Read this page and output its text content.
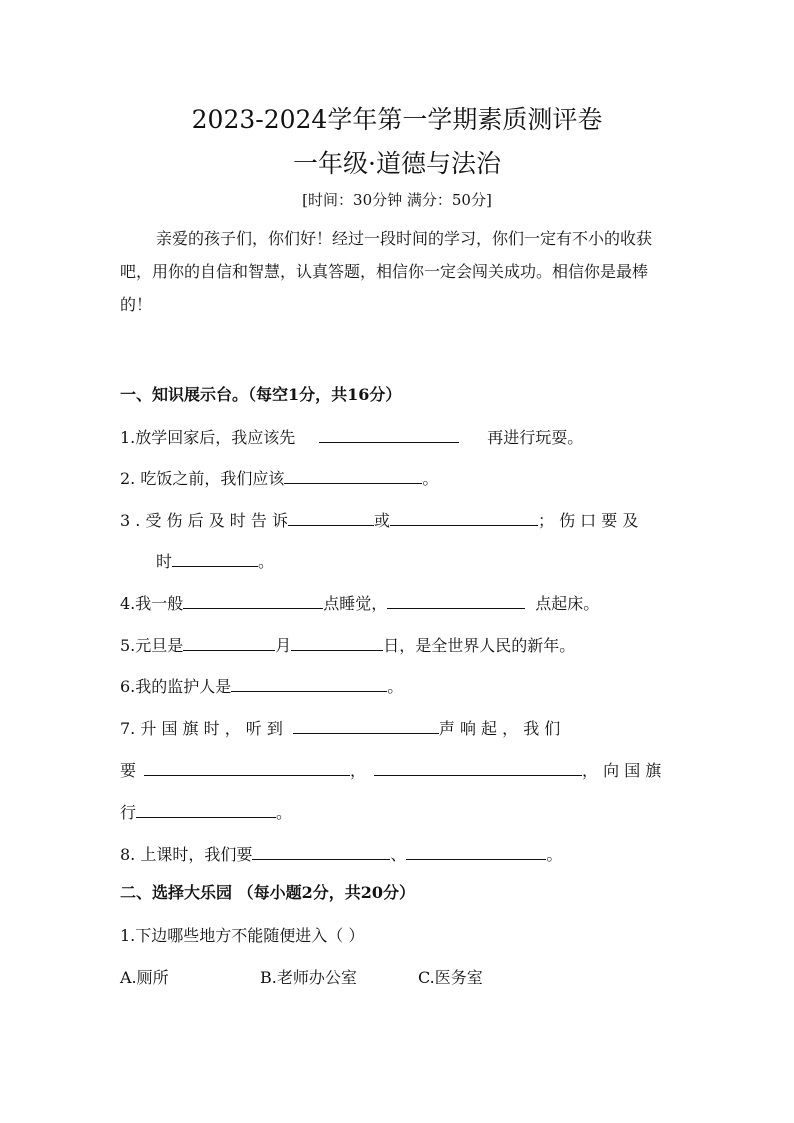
2023-2024学年第一学期素质测评卷
一年级·道德与法治
[时间：30分钟 满分：50分]
亲爱的孩子们，你们好！经过一段时间的学习，你们一定有不小的收获吧，用你的自信和智慧，认真答题，相信你一定会闯关成功。相信你是最棒的！
一、知识展示台。（每空1分，共16分）
1.放学回家后，我应该先	再进行玩耍。
2. 吃饭之前，我们应该	。
3 . 受 伤 后 及 时 告 诉	或	； 伤 口 要 及
时	。
4.我一般	点睡觉，	点起床。
5.元旦是	月	日，是全世界人民的新年。
6.我的监护人是	。
7. 升 国 旗 时 ， 听 到	声 响 起 ， 我 们
要	，	， 向 国 旗
行	。
8. 上课时，我们要	、	。
二、选择大乐园 （每小题2分，共20分）
1.下边哪些地方不能随便进入（ ）
A.厕所	B.老师办公室	C.医务室
